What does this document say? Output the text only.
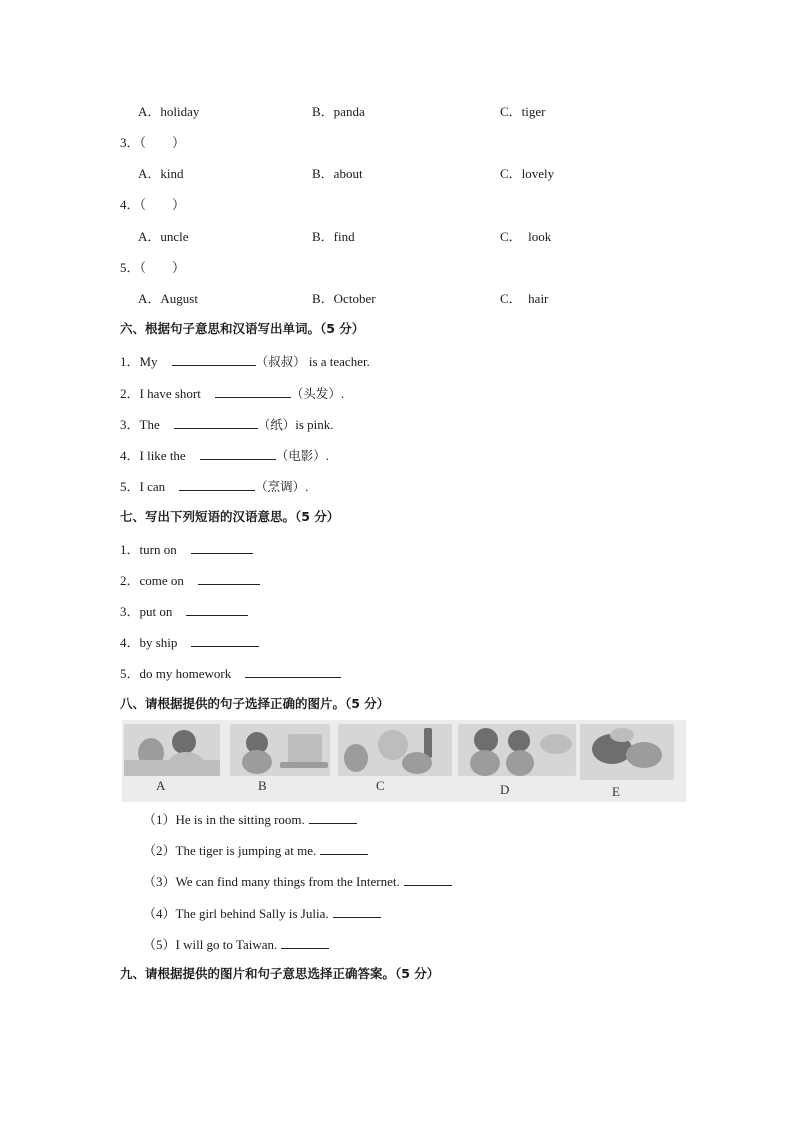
A．holiday	B．panda	C．tiger
3．（　　）
A．kind	B．about	C．lovely
4．（　　）
A．uncle	B．find	C．　look
5．（　　）
A．August	B．October	C．　hair
六、根据句子意思和汉语写出单词。（5 分）
1．My	（叔叔） is a teacher.
2．I have short	（头发）.
3．The	（纸）is pink.
4．I like the	（电影）.
5．I can	（烹调）.
七、写出下列短语的汉语意思。（5 分）
1．turn on
2．come on
3．put on
4．by ship
5．do my homework
八、请根据提供的句子选择正确的图片。（5 分）
A	B	C	D	E
（1）He is in the sitting room.
（2）The tiger is jumping at me.
（3）We can find many things from the Internet.
（4）The girl behind Sally is Julia.
（5）I will go to Taiwan.
九、请根据提供的图片和句子意思选择正确答案。（5 分）
